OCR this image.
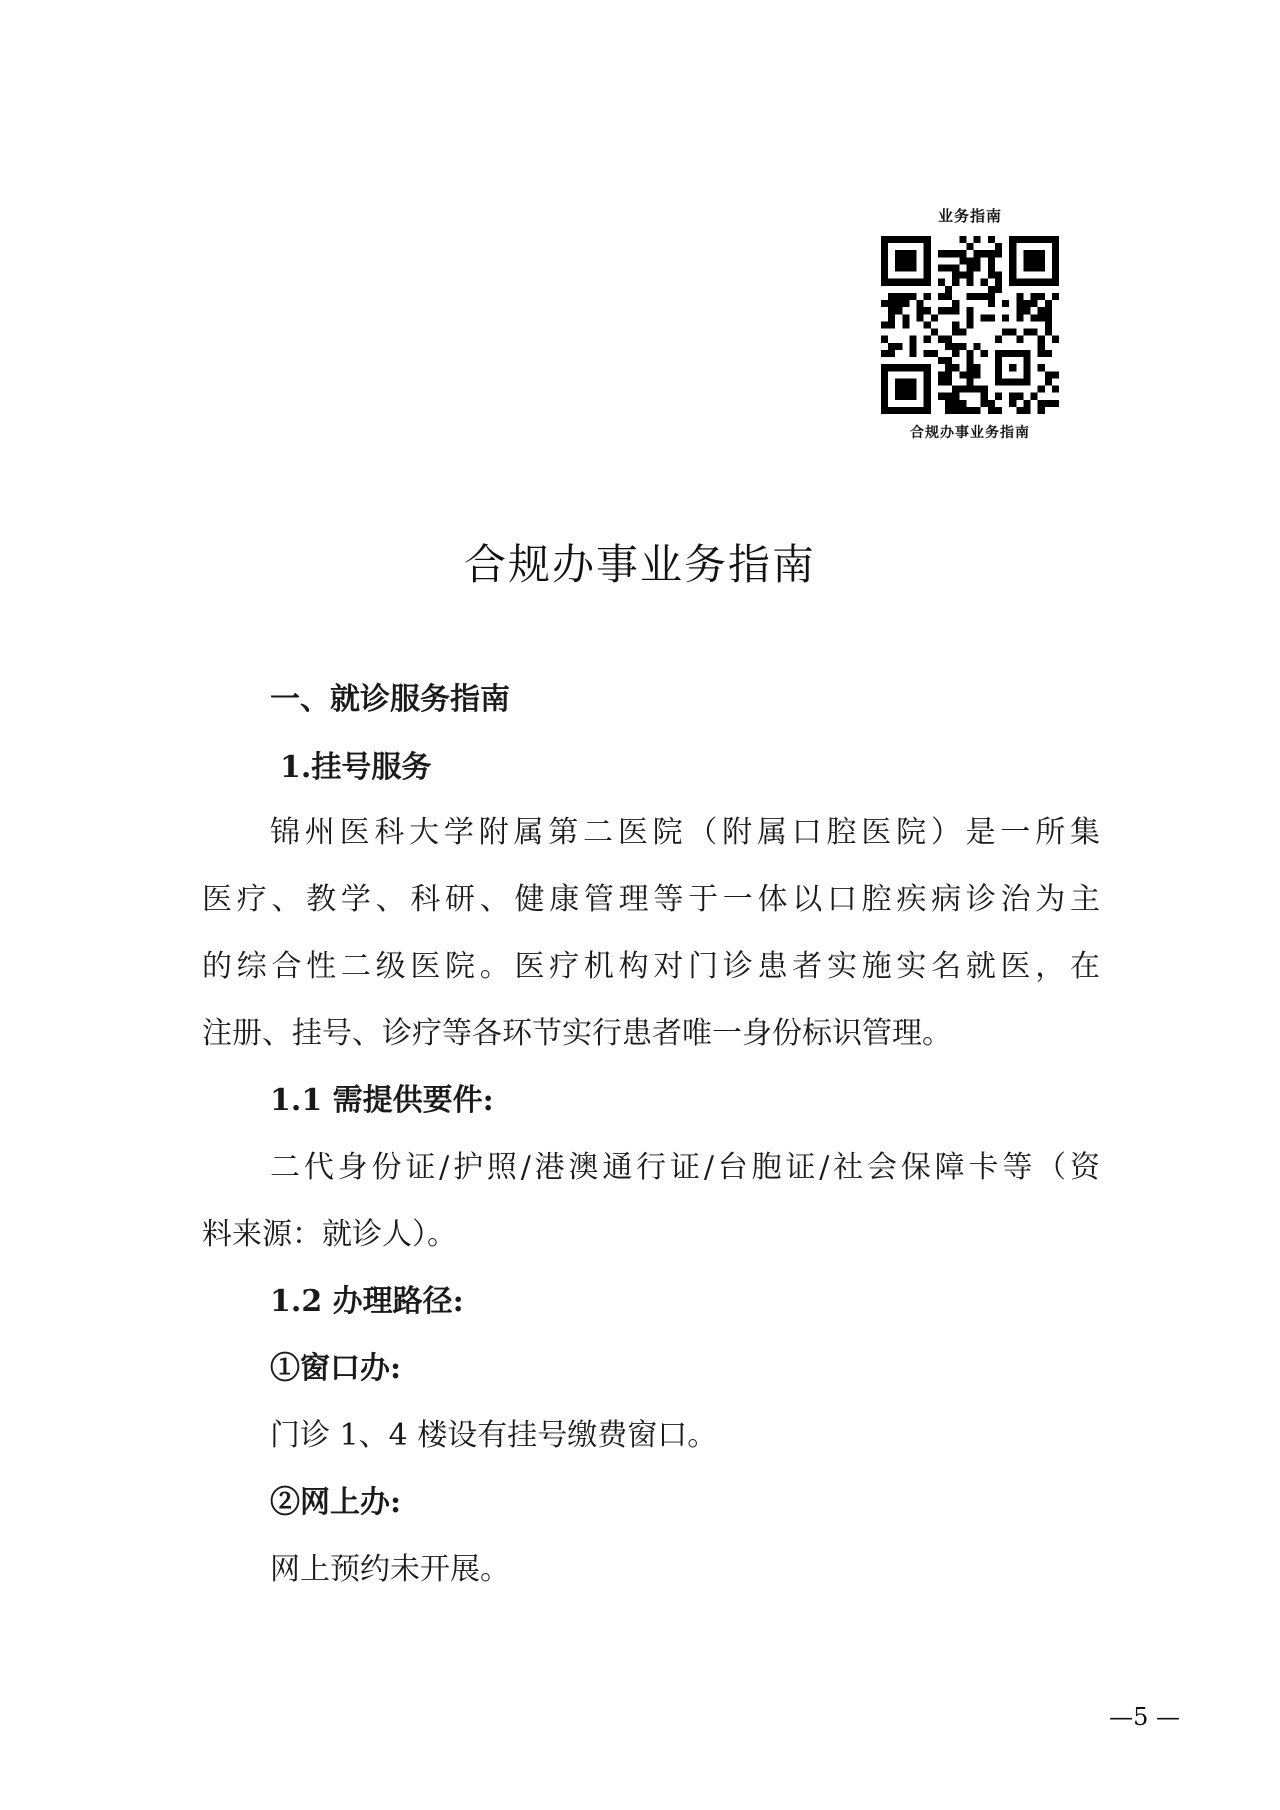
业务指南
合规办事业务指南
合规办事业务指南
一、就诊服务指南
1.挂号服务
锦州医科大学附属第二医院（附属口腔医院）是一所集
医疗、教学、科研、健康管理等于一体以口腔疾病诊治为主
的综合性二级医院。医疗机构对门诊患者实施实名就医，在
注册、挂号、诊疗等各环节实行患者唯一身份标识管理。
1.1 需提供要件:
二代身份证/护照/港澳通行证/台胞证/社会保障卡等（资
料来源：就诊人）。
1.2 办理路径:
①窗口办:
门诊 1、4 楼设有挂号缴费窗口。
②网上办:
网上预约未开展。
—5 —
